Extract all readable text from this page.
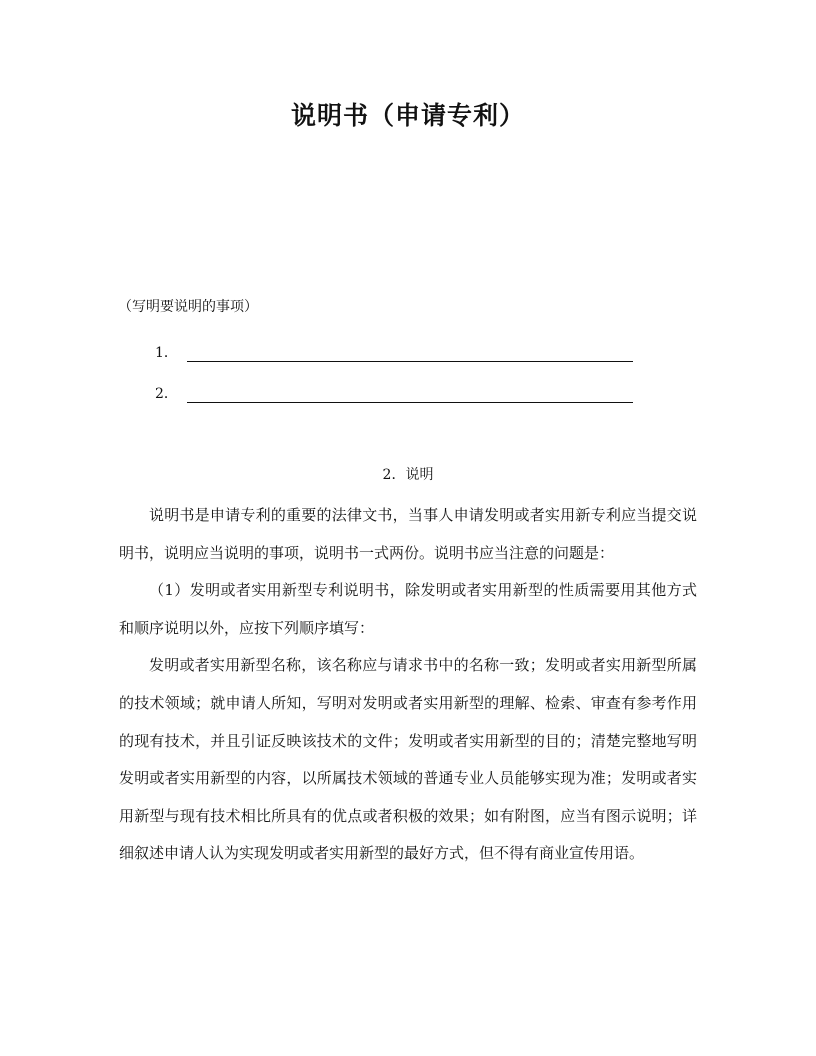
说明书（申请专利）
（写明要说明的事项）
1．
2．
2．说明

说明书是申请专利的重要的法律文书，当事人申请发明或者实用新专利应当提交说明书，说明应当说明的事项，说明书一式两份。说明书应当注意的问题是：

（1）发明或者实用新型专利说明书，除发明或者实用新型的性质需要用其他方式和顺序说明以外，应按下列顺序填写：

发明或者实用新型名称，该名称应与请求书中的名称一致；发明或者实用新型所属的技术领域；就申请人所知，写明对发明或者实用新型的理解、检索、审查有参考作用的现有技术，并且引证反映该技术的文件；发明或者实用新型的目的；清楚完整地写明发明或者实用新型的内容，以所属技术领域的普通专业人员能够实现为准；发明或者实用新型与现有技术相比所具有的优点或者积极的效果；如有附图，应当有图示说明；详细叙述申请人认为实现发明或者实用新型的最好方式，但不得有商业宣传用语。
